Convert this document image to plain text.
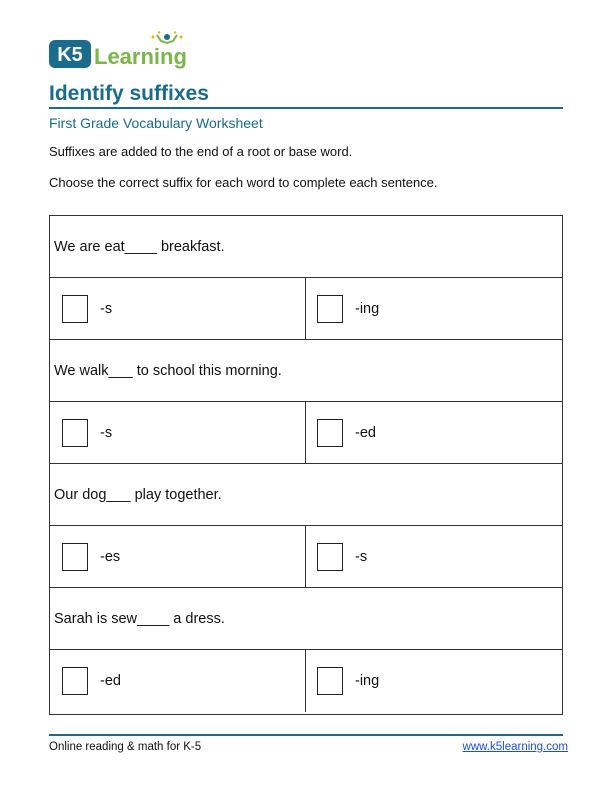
K5 Learning
Identify suffixes
First Grade Vocabulary Worksheet
Suffixes are added to the end of a root or base word.
Choose the correct suffix for each word to complete each sentence.
We are eat____ breakfast.
-s	-ing
We walk___ to school this morning.
-s	-ed
Our dog___ play together.
-es	-s
Sarah is sew____ a dress.
-ed	-ing
Online reading & math for K-5	www.k5learning.com
